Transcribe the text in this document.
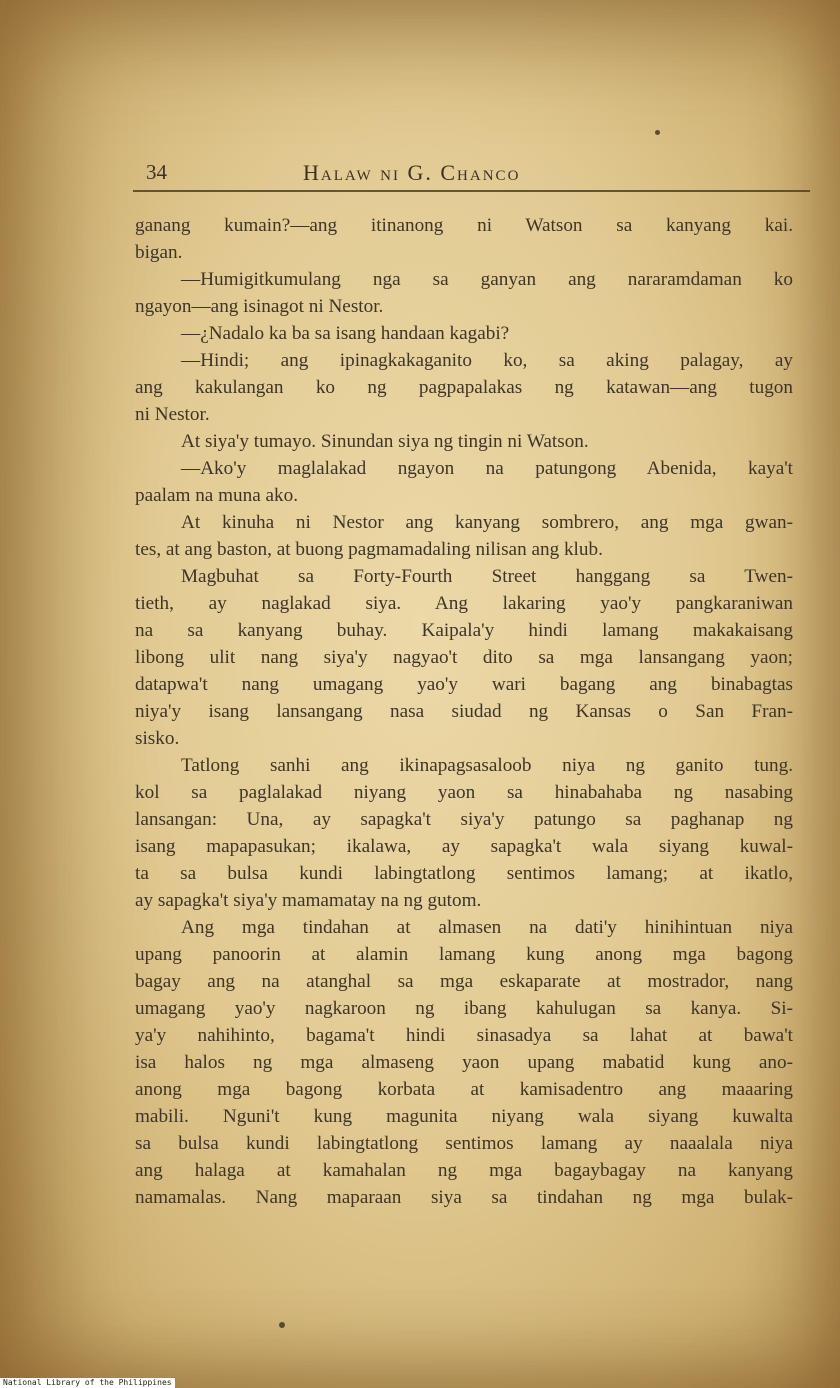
34	Halaw ni G. Chanco
ganang kumain?—ang itinanong ni Watson sa kanyang kai.
bigan.
—Humigitkumulang nga sa ganyan ang nararamdaman ko
ngayon—ang isinagot ni Nestor.
—¿Nadalo ka ba sa isang handaan kagabi?
—Hindi; ang ipinagkakaganito ko, sa aking palagay, ay
ang kakulangan ko ng pagpapalakas ng katawan—ang tugon
ni Nestor.
At siya'y tumayo. Sinundan siya ng tingin ni Watson.
—Ako'y maglalakad ngayon na patungong Abenida, kaya't
paalam na muna ako.
At kinuha ni Nestor ang kanyang sombrero, ang mga gwan-
tes, at ang baston, at buong pagmamadaling nilisan ang klub.
Magbuhat sa Forty-Fourth Street hanggang sa Twen-
tieth, ay naglakad siya. Ang lakaring yao'y pangkaraniwan
na sa kanyang buhay. Kaipala'y hindi lamang makakaisang
libong ulit nang siya'y nagyao't dito sa mga lansangang yaon;
datapwa't nang umagang yao'y wari bagang ang binabagtas
niya'y isang lansangang nasa siudad ng Kansas o San Fran-
sisko.
Tatlong sanhi ang ikinapagsasaloob niya ng ganito tung.
kol sa paglalakad niyang yaon sa hinabahaba ng nasabing
lansangan: Una, ay sapagka't siya'y patungo sa paghanap ng
isang mapapasukan; ikalawa, ay sapagka't wala siyang kuwal-
ta sa bulsa kundi labingtatlong sentimos lamang; at ikatlo,
ay sapagka't siya'y mamamatay na ng gutom.
Ang mga tindahan at almasen na dati'y hinihintuan niya
upang panoorin at alamin lamang kung anong mga bagong
bagay ang na atanghal sa mga eskaparate at mostrador, nang
umagang yao'y nagkaroon ng ibang kahulugan sa kanya. Si-
ya'y nahihinto, bagama't hindi sinasadya sa lahat at bawa't
isa halos ng mga almaseng yaon upang mabatid kung ano-
anong mga bagong korbata at kamisadentro ang maaaring
mabili. Nguni't kung magunita niyang wala siyang kuwalta
sa bulsa kundi labingtatlong sentimos lamang ay naaalala niya
ang halaga at kamahalan ng mga bagaybagay na kanyang
namamalas. Nang maparaan siya sa tindahan ng mga bulak-
National Library of the Philippines
